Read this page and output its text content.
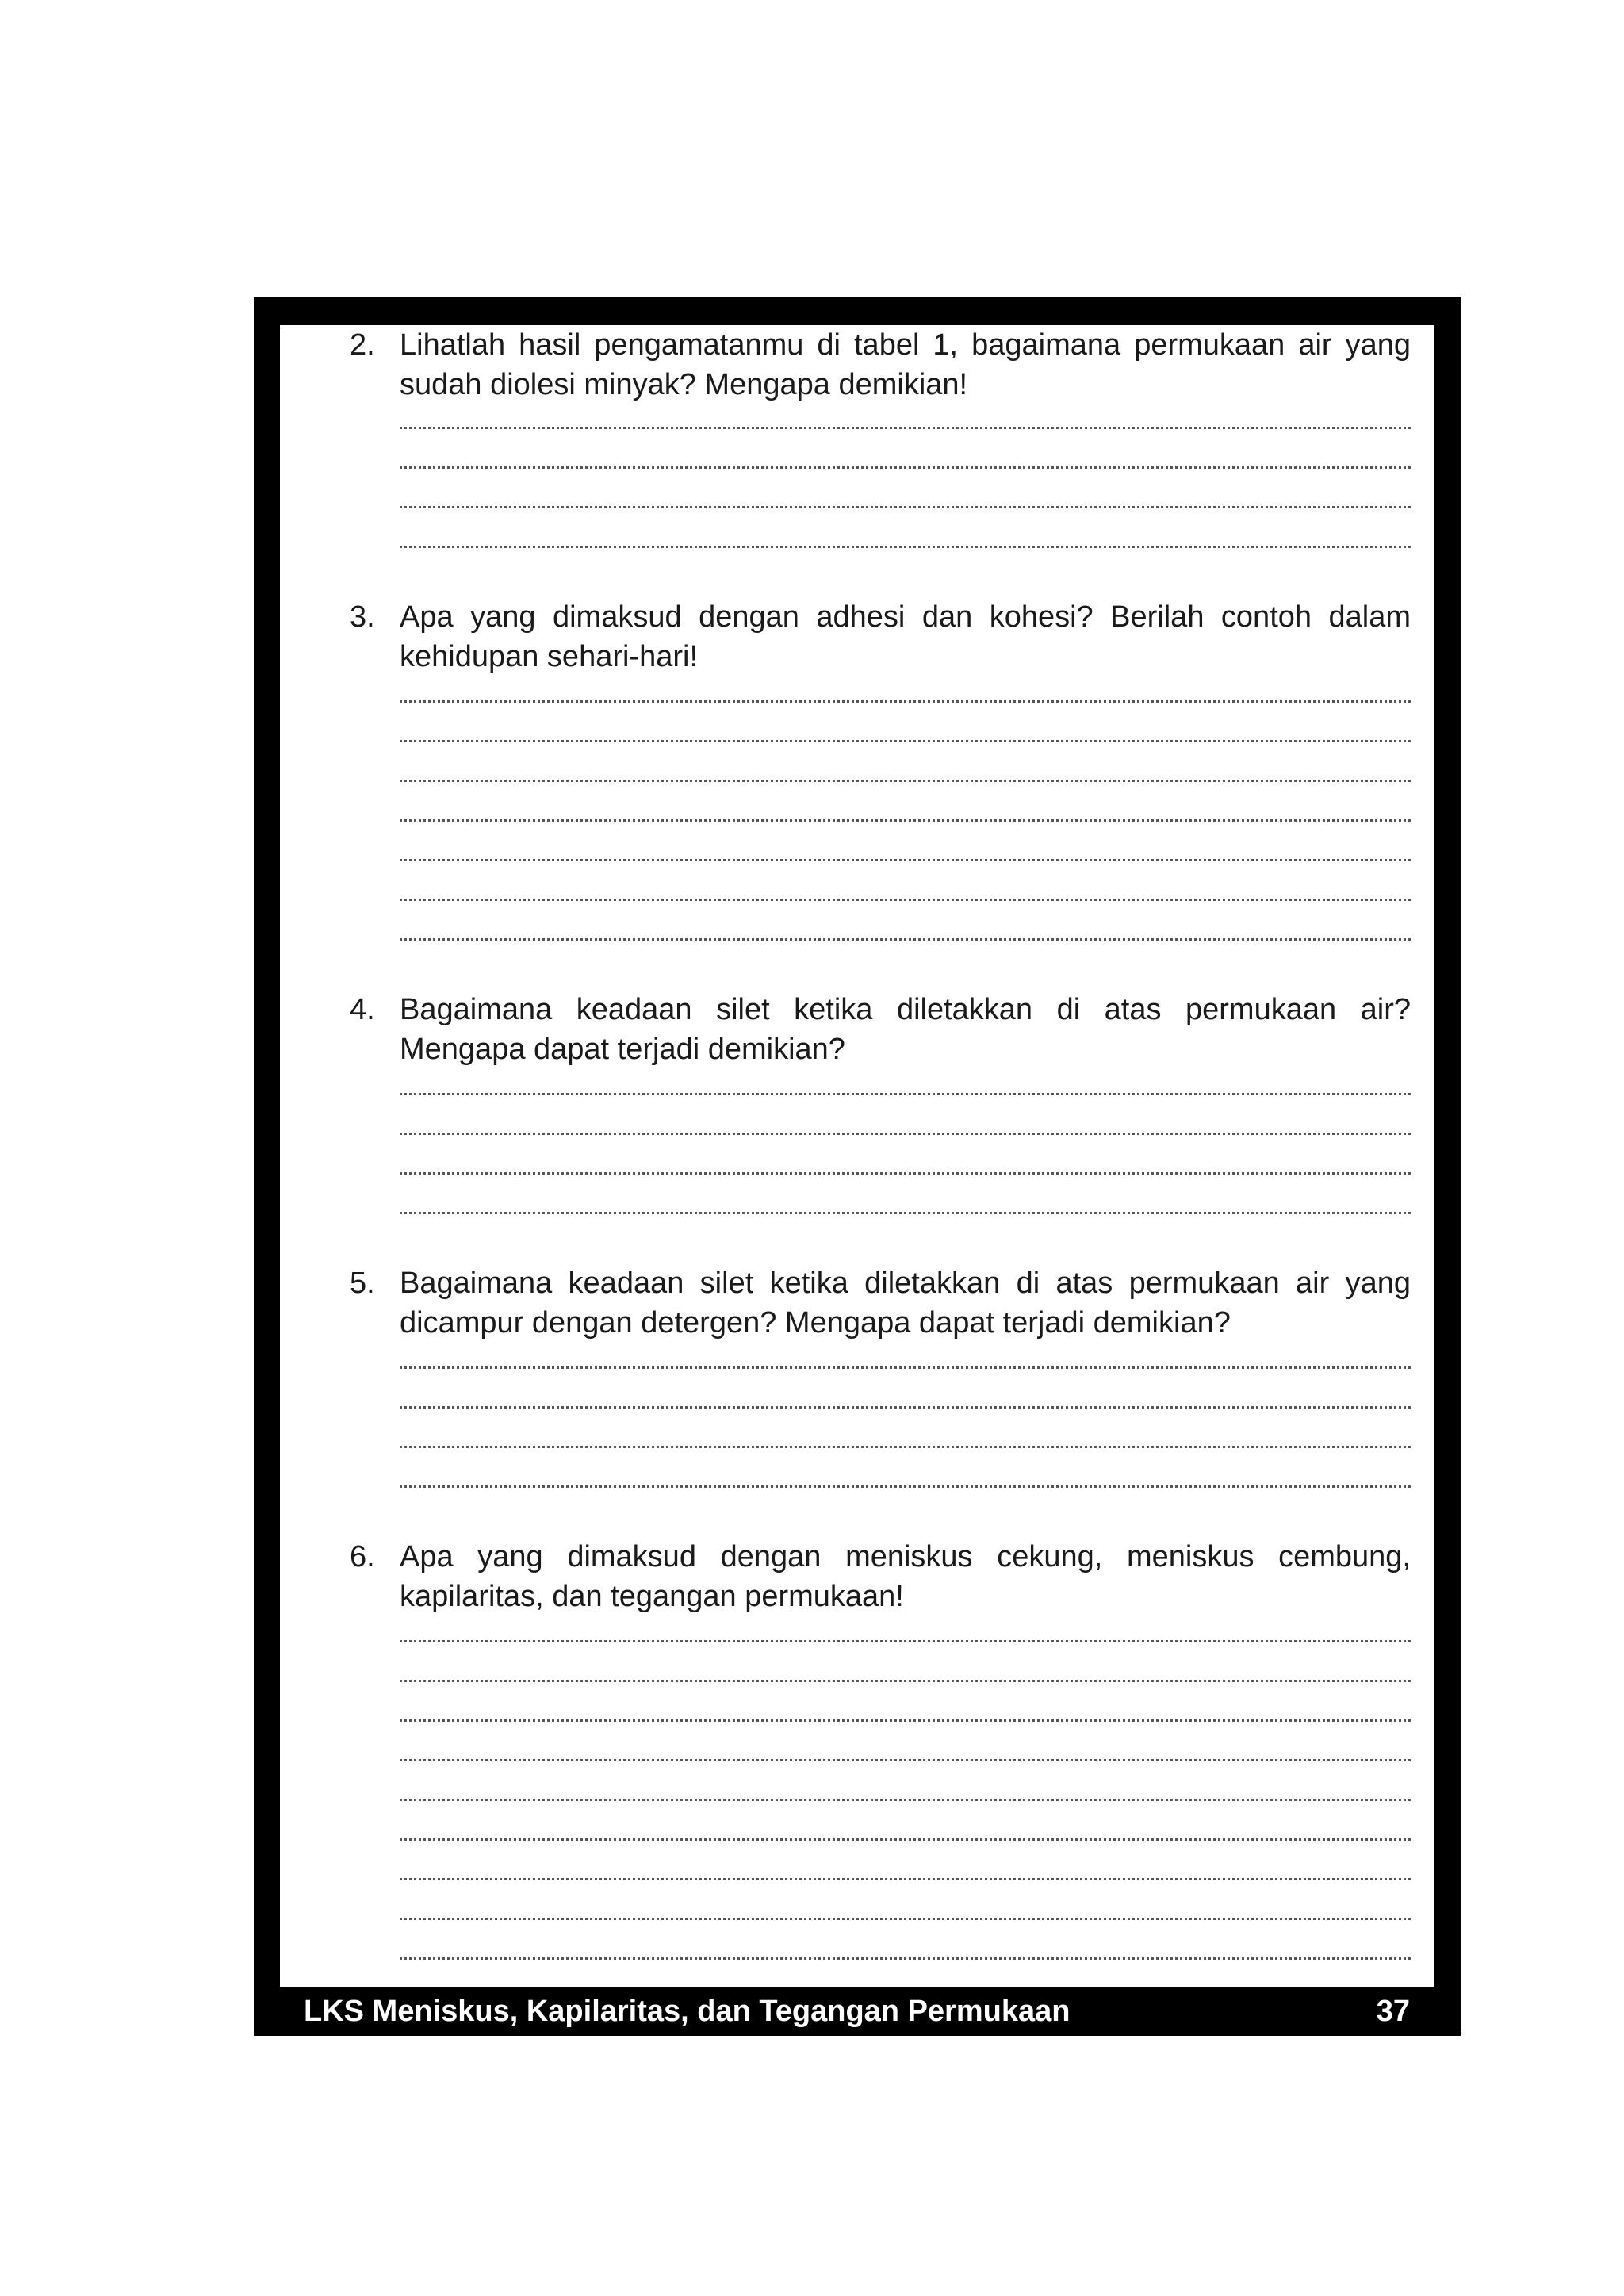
2. Lihatlah hasil pengamatanmu di tabel 1, bagaimana permukaan air yang sudah diolesi minyak? Mengapa demikian!
3. Apa yang dimaksud dengan adhesi dan kohesi? Berilah contoh dalam kehidupan sehari-hari!
4. Bagaimana keadaan silet ketika diletakkan di atas permukaan air? Mengapa dapat terjadi demikian?
5. Bagaimana keadaan silet ketika diletakkan di atas permukaan air yang dicampur dengan detergen? Mengapa dapat terjadi demikian?
6. Apa yang dimaksud dengan meniskus cekung, meniskus cembung, kapilaritas, dan tegangan permukaan!
LKS Meniskus, Kapilaritas, dan Tegangan Permukaan	37
